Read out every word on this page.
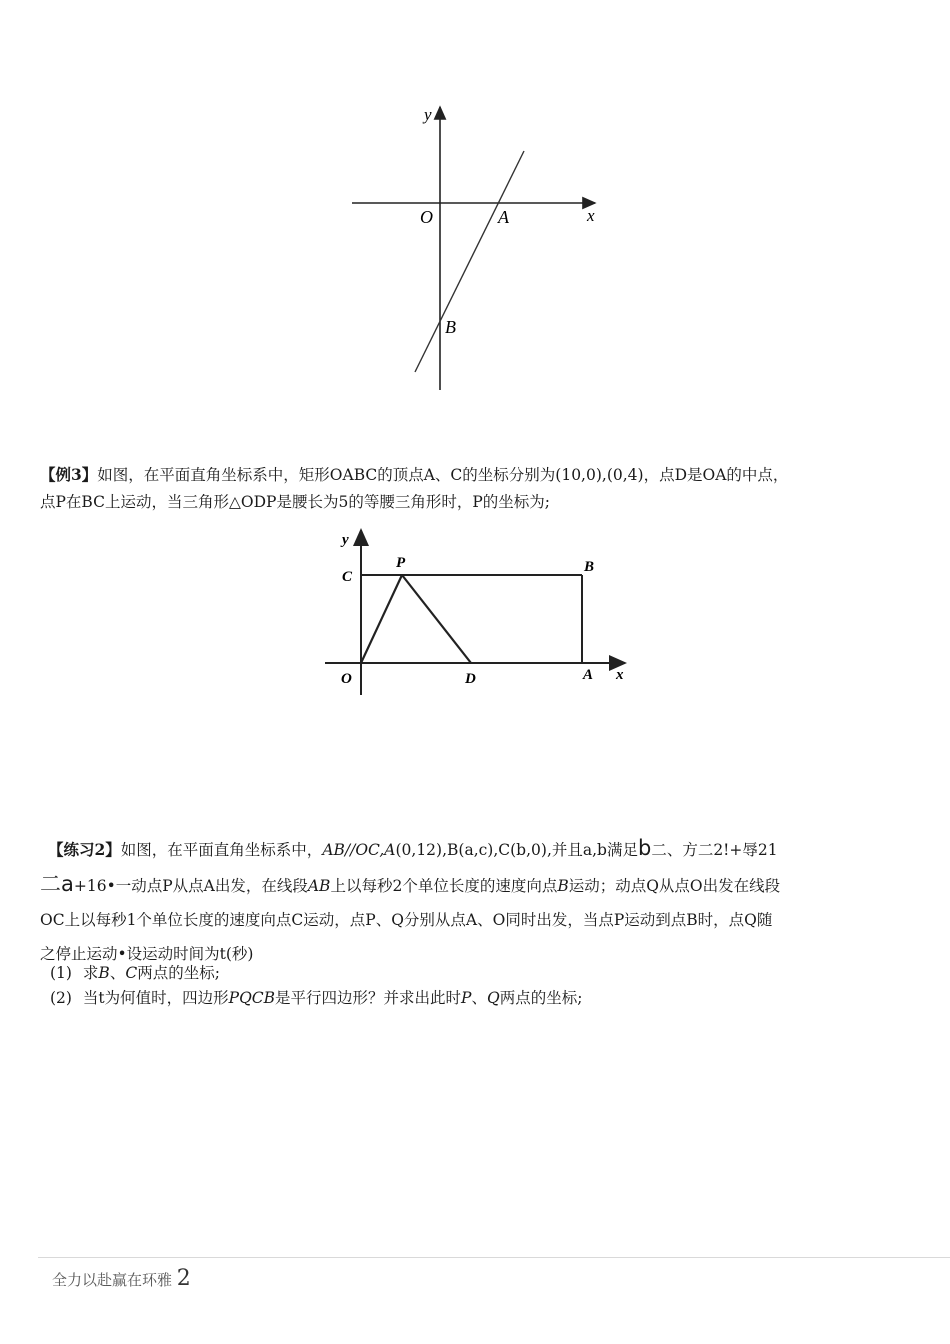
y
x
O	A
B
【例3】如图，在平面直角坐标系中，矩形OABC的顶点A、C的坐标分别为(10,0),(0,4)，点D是OA的中点，
点P在BC上运动，当三角形△ODP是腰长为5的等腰三角形时，P的坐标为;
y
C
P	B
O	D	A x
【练习2】如图，在平面直角坐标系中，AB//OC,A(0,12),B(a,c),C(b,0),并且a,b满足b二、方二2!+辱21
二a+16•一动点P从点A出发，在线段AB上以每秒2个单位长度的速度向点B运动；动点Q从点O出发在线段
OC上以每秒1个单位长度的速度向点C运动，点P、Q分别从点A、O同时出发，当点P运动到点B时，点Q随
之停止运动•设运动时间为t(秒)
(1) 求B、C两点的坐标;
(2) 当t为何值时，四边形PQCB是平行四边形？并求出此时P、Q两点的坐标;
全力以赴赢在环雅 2
